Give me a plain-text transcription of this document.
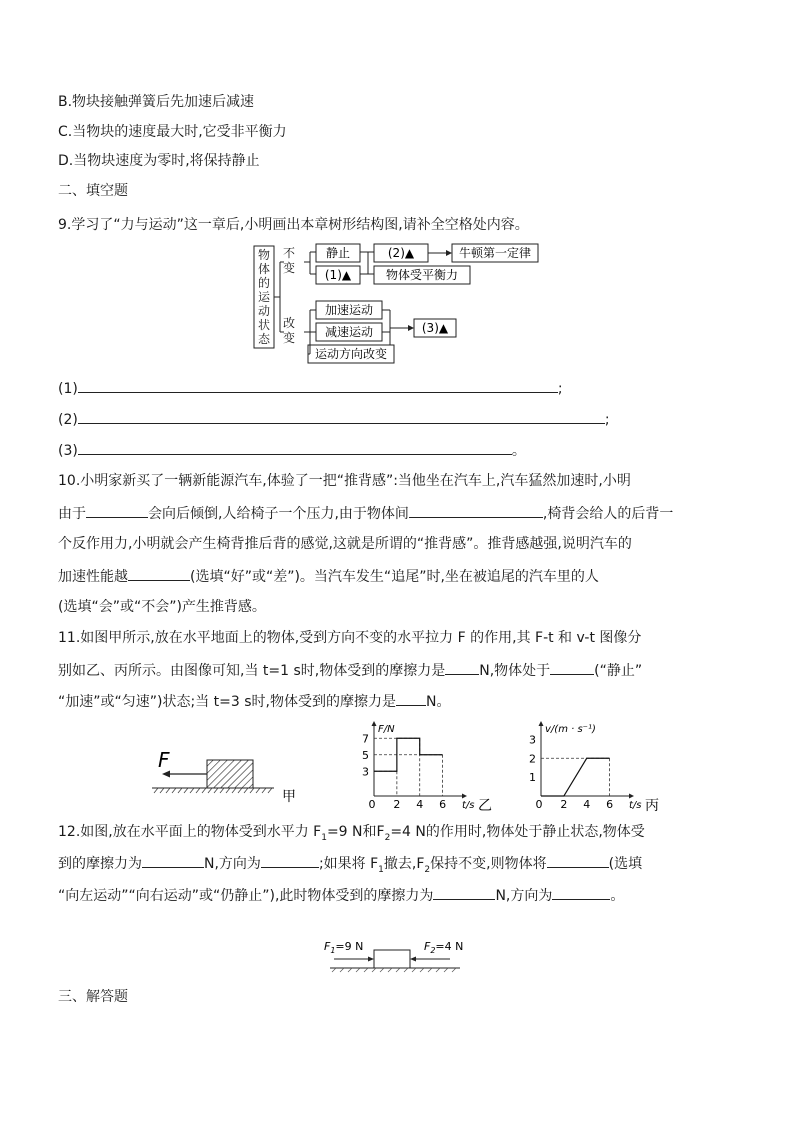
B.物块接触弹簧后先加速后减速
C.当物块的速度最大时,它受非平衡力
D.当物块速度为零时,将保持静止
二、填空题
9.学习了“力与运动”这一章后,小明画出本章树形结构图,请补全空格处内容。
物体的运动状态
不变
改变
静止
(1)▲
(2)▲	牛顿第一定律
物体受平衡力
加速运动
减速运动
运动方向改变
(3)▲
(1)	;
(2)	;
(3)	。
10.小明家新买了一辆新能源汽车,体验了一把“推背感”:当他坐在汽车上,汽车猛然加速时,小明
由于	会向后倾倒,人给椅子一个压力,由于物体间	,椅背会给人的后背一
个反作用力,小明就会产生椅背推后背的感觉,这就是所谓的“推背感”。推背感越强,说明汽车的
加速性能越	(选填“好”或“差”)。当汽车发生“追尾”时,坐在被追尾的汽车里的人
(选填“会”或“不会”)产生推背感。
11.如图甲所示,放在水平地面上的物体,受到方向不变的水平拉力 F 的作用,其 F-t 和 v-t 图像分
别如乙、丙所示。由图像可知,当 t=1 s时,物体受到的摩擦力是 N,物体处于	(“静止”
“加速”或“匀速”)状态;当 t=3 s时,物体受到的摩擦力是 N。
F
甲
F/N
0 2 4 6 t/s 乙
3
5
7
v/(m · s⁻¹)
0 2 4 6 t/s 丙
1
2
3
12.如图,放在水平面上的物体受到水平力 $F_1=9$ N和$F_2=4$ N的作用时,物体处于静止状态,物体受
到的摩擦力为	N,方向为	;如果将 $F_1$撤去$,F_2$保持不变,则物体将	(选填
“向左运动”“向右运动”或“仍静止”),此时物体受到的摩擦力为	N,方向为	。
$F_1=9$ N	$F_2=4$ N
三、解答题
